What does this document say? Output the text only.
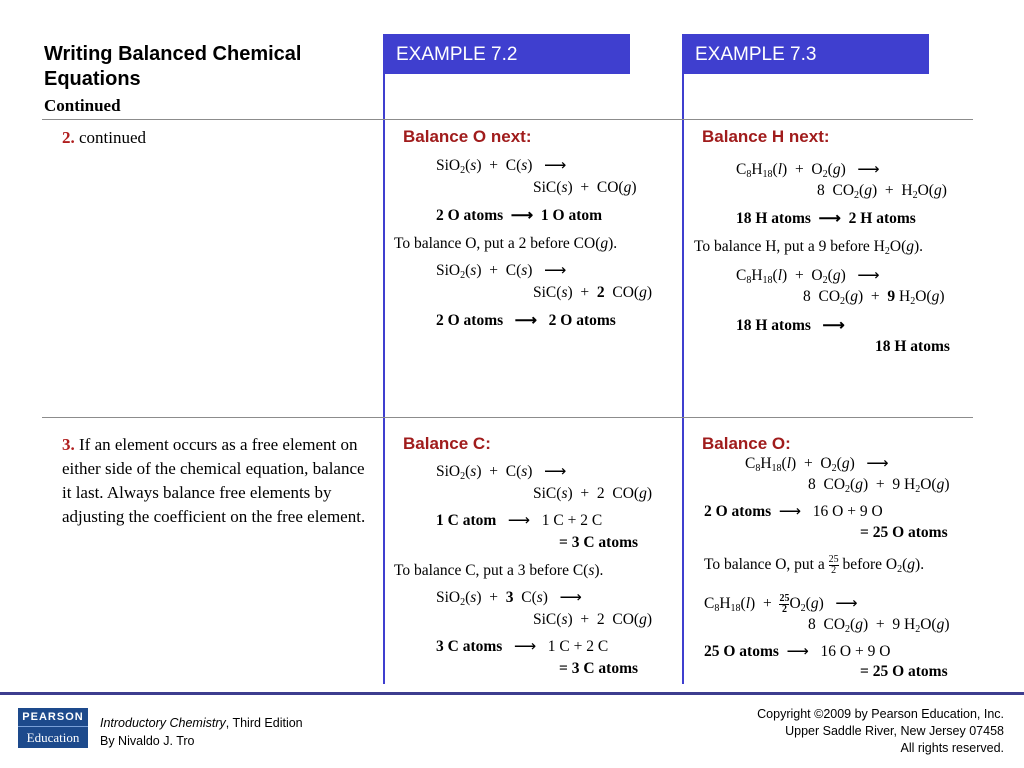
Writing Balanced Chemical Equations
Continued
EXAMPLE 7.2	EXAMPLE 7.3
2. continued
3. If an element occurs as a free element on either side of the chemical equation, balance it last. Always balance free elements by adjusting the coefficient on the free element.
Balance O next:
SiO$_2$(s)  +  C(s)   ⟶
SiC(s)  +  CO(g)
2 O atoms  ⟶  1 O atom
To balance O, put a 2 before CO(g).
SiO$_2$(s)  +  C(s)   ⟶
SiC(s)  +  2  CO(g)
2 O atoms   ⟶   2 O atoms
Balance H next:
$C_8H_{18}(l) + O_2(g)$   ⟶
8  $CO_2(g) + H_2O(g)$
18 H atoms  ⟶  2 H atoms
To balance H, put a 9 before $H_2O(g)$.
$C_8H_{18}(l) + O_2(g)$   ⟶
8  $CO_2(g) + 9$ $H_2O(g)$
18 H atoms   ⟶
18 H atoms
Balance C:
SiO$_2$(s)  +  C(s)   ⟶
SiC(s)  +  2  CO(g)
1 C atom   ⟶   1 C + 2 C
= 3 C atoms
To balance C, put a 3 before C(s).
SiO$_2$(s)  +  3  C(s)   ⟶
SiC(s)  +  2  CO(g)
3 C atoms   ⟶   1 C + 2 C
= 3 C atoms
Balance O:
$C_8H_{18}(l) + O_2(g)$   ⟶
8  $CO_2(g) + 9$ $H_2O(g)$
2 O atoms  ⟶   16 O + 9 O
= 25 O atoms
To balance O, put a $\frac{25}{2}$ before $O_2(g)$.
$C_8H_{18}(l) + \frac{25}{2} O_2(g)$   ⟶
8  $CO_2(g) + 9$ $H_2O(g)$
25 O atoms  ⟶   16 O + 9 O
= 25 O atoms
PEARSON
Education
Introductory Chemistry, Third Edition
By Nivaldo J. Tro
Copyright ©2009 by Pearson Education, Inc.
Upper Saddle River, New Jersey 07458
All rights reserved.
